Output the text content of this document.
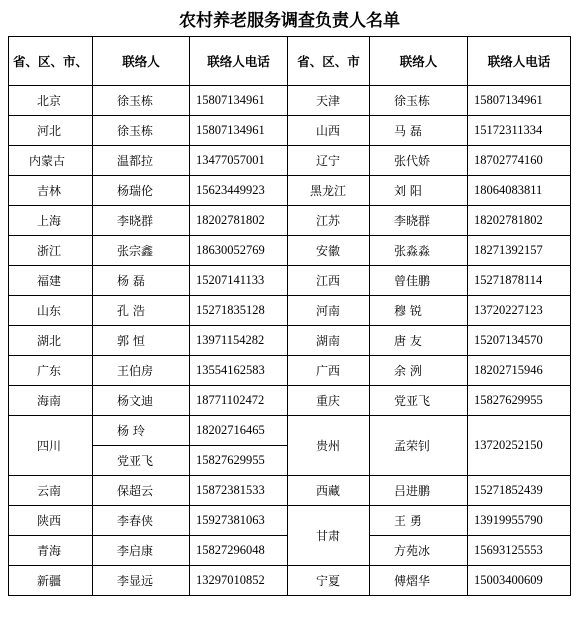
农村养老服务调查负责人名单
省、区、市、	联络人	联络人电话	省、区、市	联络人	联络人电话
北京	徐玉栋	15807134961	天津	徐玉栋	15807134961
河北	徐玉栋	15807134961	山西	马 磊	15172311334
内蒙古	温都拉	13477057001	辽宁	张代娇	18702774160
吉林	杨瑞伦	15623449923	黑龙江	刘 阳	18064083811
上海	李晓群	18202781802	江苏	李晓群	18202781802
浙江	张宗鑫	18630052769	安徽	张淼淼	18271392157
福建	杨 磊	15207141133	江西	曾佳鹏	15271878114
山东	孔 浩	15271835128	河南	穆 锐	13720227123
湖北	郭 恒	13971154282	湖南	唐 友	15207134570
广东	王伯房	13554162583	广西	余 洌	18202715946
海南	杨文迪	18771102472	重庆	党亚飞	15827629955
四川	杨 玲	18202716465	贵州	孟荣钊	13720252150
	党亚飞	15827629955			
云南	保超云	15872381533	西藏	吕进鹏	15271852439
陕西	李春侠	15927381063	甘肃	王 勇	13919955790
青海	李启康	15827296048		方苑冰	15693125553
新疆	李显远	13297010852	宁夏	傅熠华	15003400609
